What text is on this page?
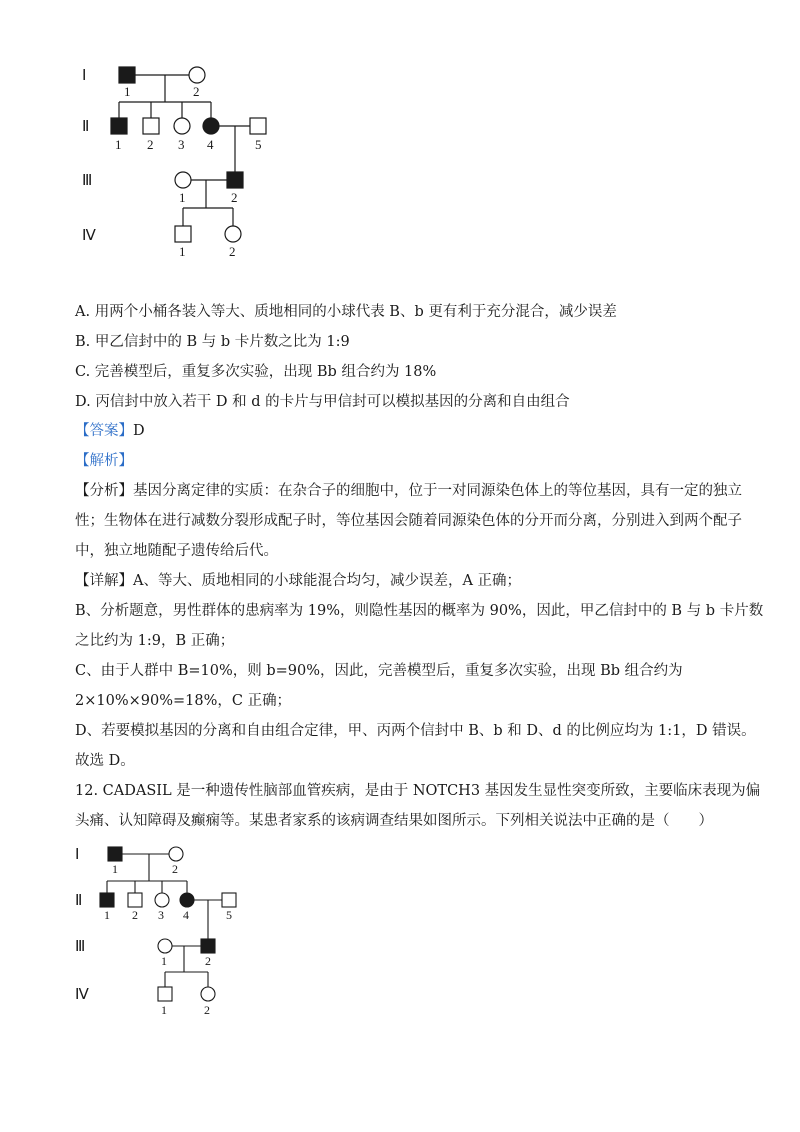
Ⅰ
Ⅱ
Ⅲ
Ⅳ
1	2
1 2 3 4	5
1	2
1	2
A. 用两个小桶各装入等大、质地相同的小球代表 B、b 更有利于充分混合，减少误差
B. 甲乙信封中的 B 与 b 卡片数之比为 1:9
C. 完善模型后，重复多次实验，出现 Bb 组合约为 18%
D. 丙信封中放入若干 D 和 d 的卡片与甲信封可以模拟基因的分离和自由组合
【答案】D
【解析】
【分析】基因分离定律的实质：在杂合子的细胞中，位于一对同源染色体上的等位基因，具有一定的独立
性；生物体在进行减数分裂形成配子时，等位基因会随着同源染色体的分开而分离，分别进入到两个配子
中，独立地随配子遗传给后代。
【详解】A、等大、质地相同的小球能混合均匀，减少误差，A 正确；
B、分析题意，男性群体的患病率为 19%，则隐性基因的概率为 90%，因此，甲乙信封中的 B 与 b 卡片数
之比约为 1:9，B 正确；
C、由于人群中 B=10%，则 b=90%，因此，完善模型后，重复多次实验，出现 Bb 组合约为
2×10%×90%=18%，C 正确；
D、若要模拟基因的分离和自由组合定律，甲、丙两个信封中 B、b 和 D、d 的比例应均为 1:1，D 错误。
故选 D。
12. CADASIL 是一种遗传性脑部血管疾病，是由于 NOTCH3 基因发生显性突变所致，主要临床表现为偏
头痛、认知障碍及癫痫等。某患者家系的该病调查结果如图所示。下列相关说法中正确的是（　　）
Ⅰ
Ⅱ
Ⅲ
Ⅳ
1	2
1 2 3 4	5
1	2
1	2
